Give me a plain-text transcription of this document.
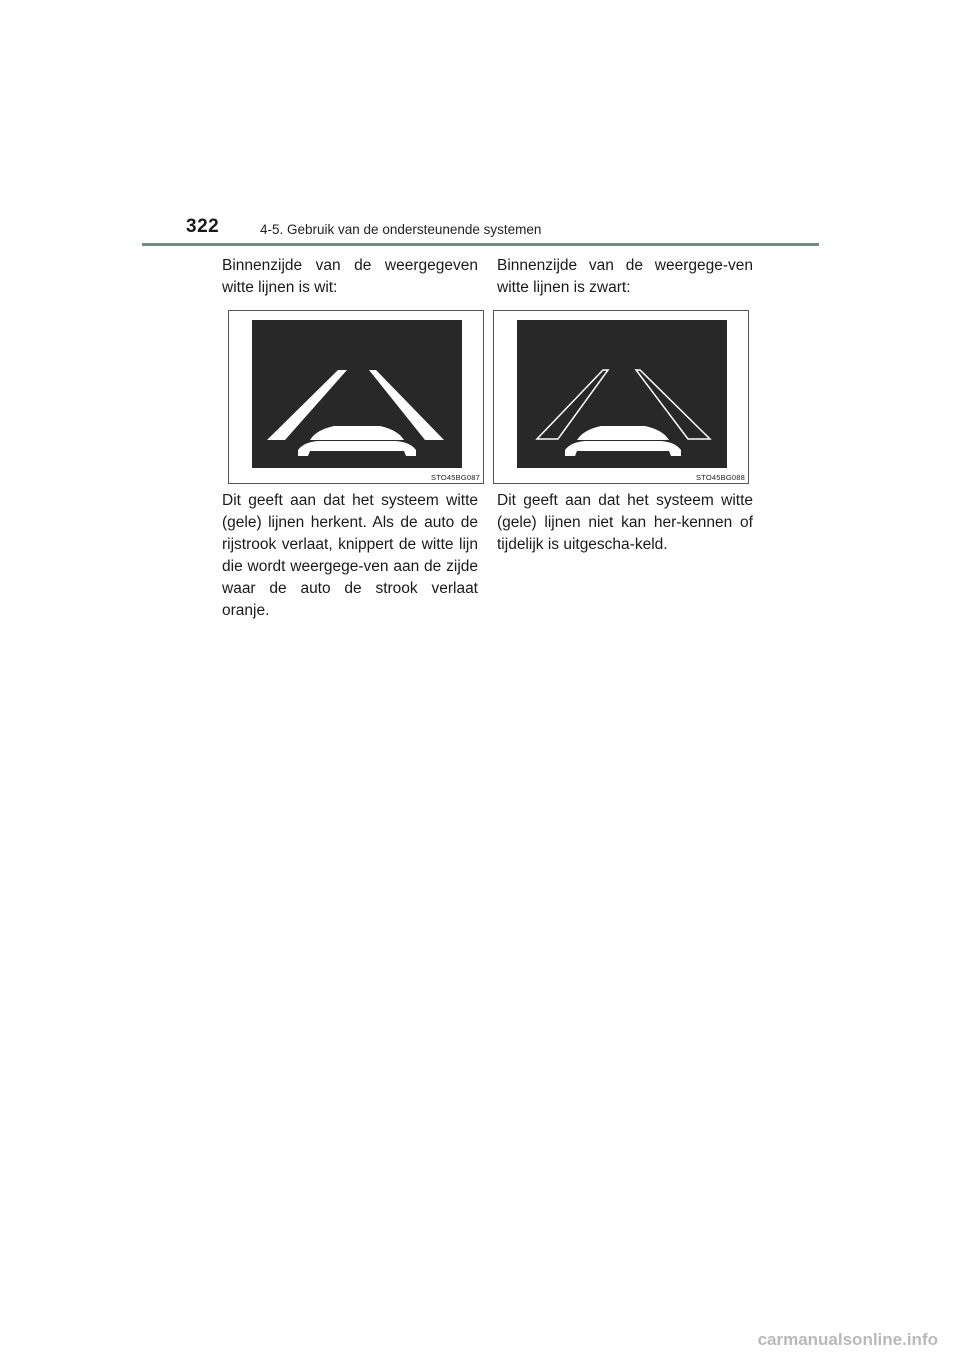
322	4-5. Gebruik van de ondersteunende systemen

Binnenzijde van de weergegeven witte lijnen is wit:

Binnenzijde van de weergege-ven witte lijnen is zwart:

STO45BG087	STO45BG088

Dit geeft aan dat het systeem witte (gele) lijnen herkent. Als de auto de rijstrook verlaat, knippert de witte lijn die wordt weergege-ven aan de zijde waar de auto de strook verlaat oranje.

Dit geeft aan dat het systeem witte (gele) lijnen niet kan her-kennen of tijdelijk is uitgescha-keld.

carmanualsonline.info
